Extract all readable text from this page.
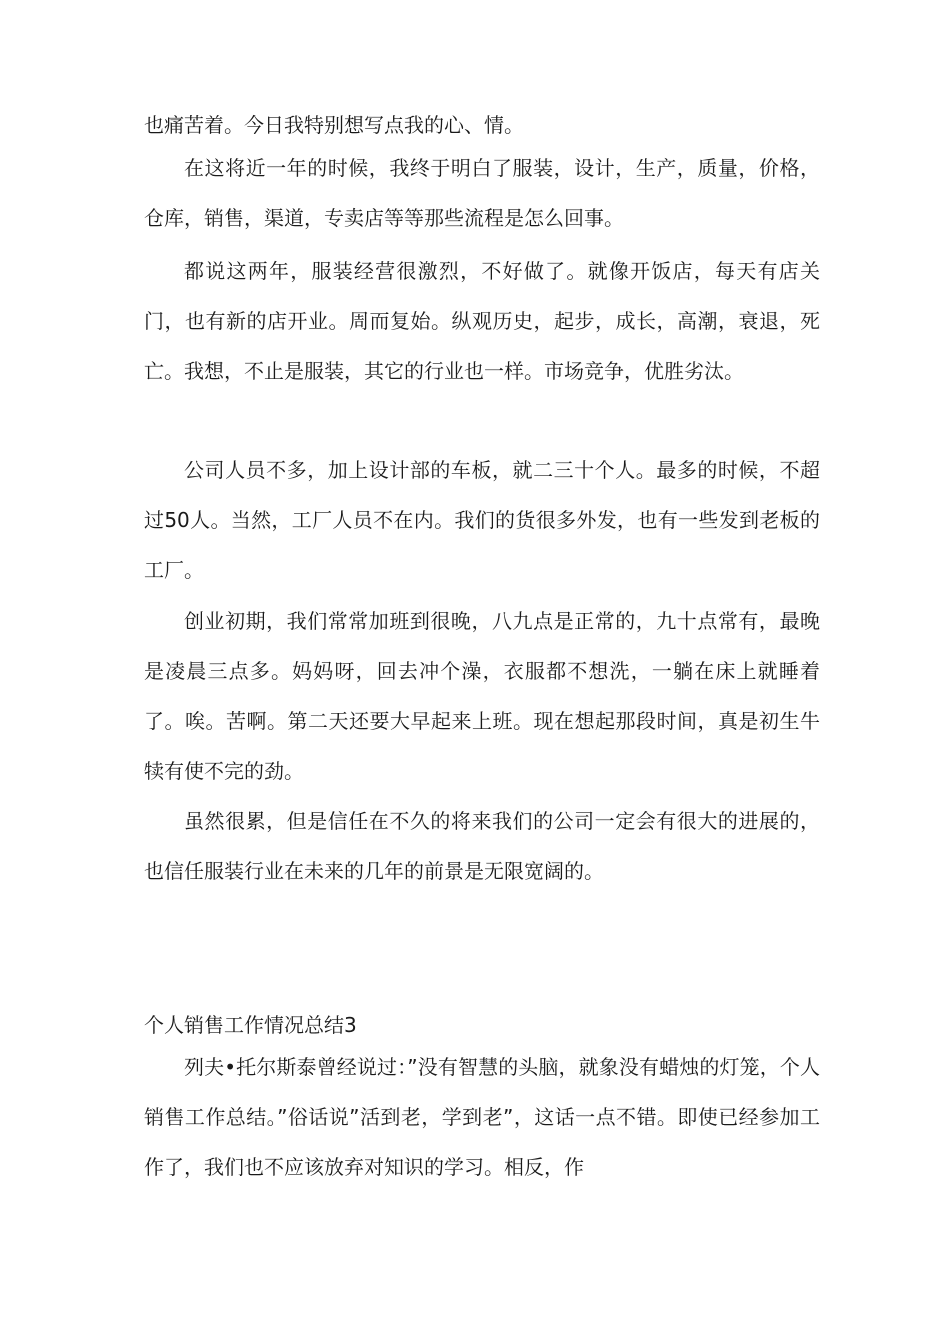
也痛苦着。今日我特别想写点我的心、情。

在这将近一年的时候，我终于明白了服装，设计，生产，质量，价格，仓库，销售，渠道，专卖店等等那些流程是怎么回事。

都说这两年，服装经营很激烈，不好做了。就像开饭店，每天有店关门，也有新的店开业。周而复始。纵观历史，起步，成长，高潮，衰退，死亡。我想，不止是服装，其它的行业也一样。市场竞争，优胜劣汰。

公司人员不多，加上设计部的车板，就二三十个人。最多的时候，不超过50人。当然，工厂人员不在内。我们的货很多外发，也有一些发到老板的工厂。

创业初期，我们常常加班到很晚，八九点是正常的，九十点常有，最晚是凌晨三点多。妈妈呀，回去冲个澡，衣服都不想洗，一躺在床上就睡着了。唉。苦啊。第二天还要大早起来上班。现在想起那段时间，真是初生牛犊有使不完的劲。

虽然很累，但是信任在不久的将来我们的公司一定会有很大的进展的，也信任服装行业在未来的几年的前景是无限宽阔的。

个人销售工作情况总结3

列夫•托尔斯泰曾经说过：”没有智慧的头脑，就象没有蜡烛的灯笼，个人销售工作总结。”俗话说”活到老，学到老”，这话一点不错。即使已经参加工作了，我们也不应该放弃对知识的学习。相反，作
